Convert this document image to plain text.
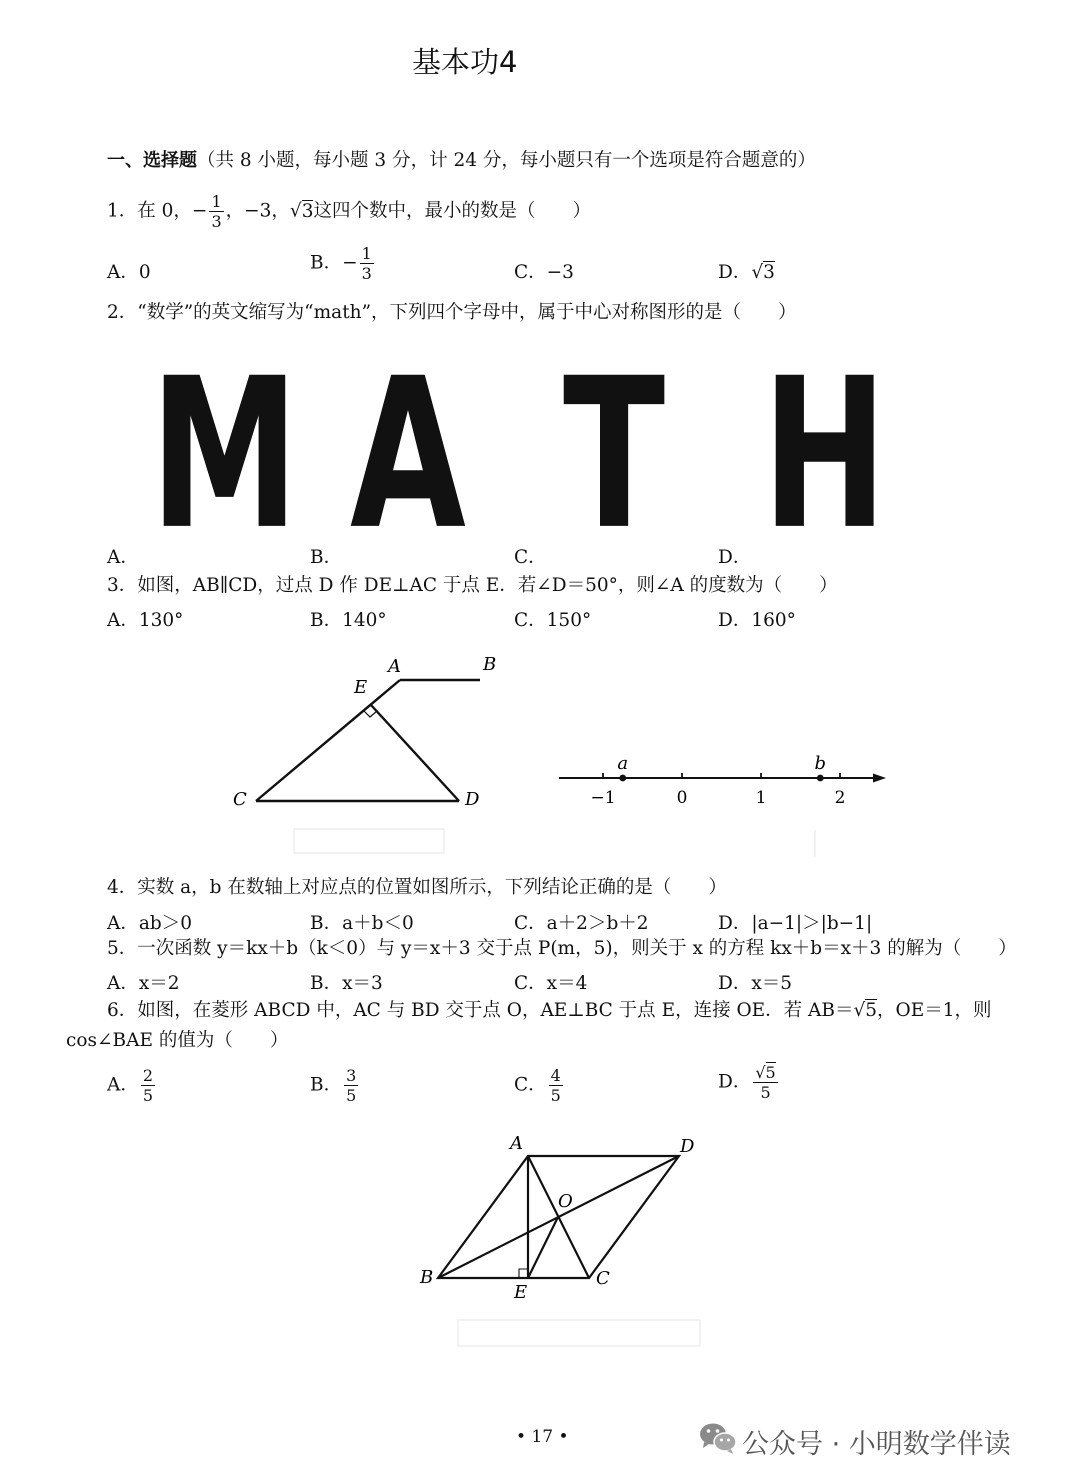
基本功4
一、选择题（共 8 小题，每小题 3 分，计 24 分，每小题只有一个选项是符合题意的）
1．在 0，− $\frac{1}{3}$ ，−3，√3这四个数中，最小的数是（　　）
A．0	B．− $\frac{1}{3}$	C．−3	D．√3
2．“数学”的英文缩写为“math”，下列四个字母中，属于中心对称图形的是（　　）
M A T H
A．	B．	C．	D．
3．如图，AB∥CD，过点 D 作 DE⊥AC 于点 E．若∠D＝50°，则∠A 的度数为（　　）
A．130°	B．140°	C．150°	D．160°
A	B
C	D
E
−1	0	1	2
a	b
4．实数 a，b 在数轴上对应点的位置如图所示，下列结论正确的是（　　）
A．ab＞0	B．a＋b＜0	C．a＋2＞b＋2	D．|a−1|＞|b−1|
5．一次函数 y＝kx＋b（k＜0）与 y＝x＋3 交于点 P(m，5)，则关于 x 的方程 kx＋b＝x＋3 的解为（　　）
A．x＝2	B．x＝3	C．x＝4	D．x＝5
6．如图，在菱形 ABCD 中，AC 与 BD 交于点 O，AE⊥BC 于点 E，连接 OE．若 AB＝√5，OE＝1，则
cos∠BAE 的值为（　　）
A． $\frac{2}{5}$	B． $\frac{3}{5}$	C． $\frac{4}{5}$	D． $\frac{√5}{5}$
A	D
B	C
E
O
• 17 •	公众号 · 小明数学伴读
